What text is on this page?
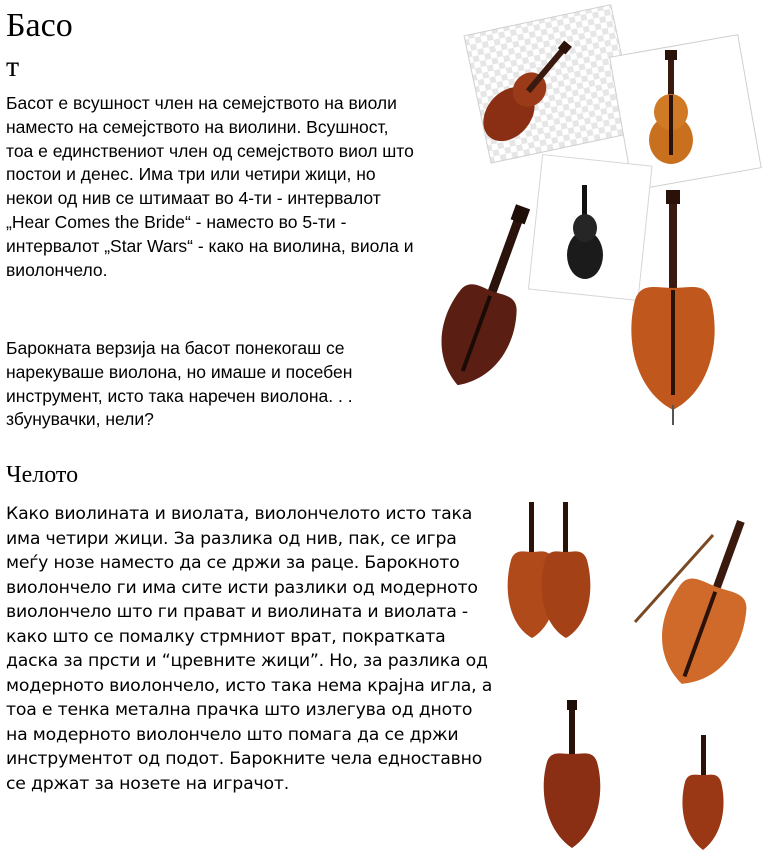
Басо
т

Басот е всушност член на семејството на виоли наместо на семејството на виолини. Всушност, тоа е единствениот член од семејството виол што постои и денес. Има три или четири жици, но некои од нив се штимаат во 4-ти - интервалот „Hear Comes the Bride“ - наместо во 5-ти - интервалот „Star Wars“ - како на виолина, виола и виолончело.

Барокната верзија на басот понекогаш се нарекуваше виолона, но имаше и посебен инструмент, исто така наречен виолона. . . збунувачки, нели?

Челото

Како виолината и виолата, виолончелото исто така има четири жици. За разлика од нив, пак, се игра меѓу нозе наместо да се држи за раце. Барокното виолончело ги има сите исти разлики од модерното виолончело што ги прават и виолината и виолата - како што се помалку стрмниот врат, пократката даска за прсти и “цревните жици”. Но, за разлика од модерното виолончело, исто така нема крајна игла, а тоа е тенка метална прачка што излегува од дното на модерното виолончело што помага да се држи инструментот од подот. Барокните чела едноставно се држат за нозете на играчот.
